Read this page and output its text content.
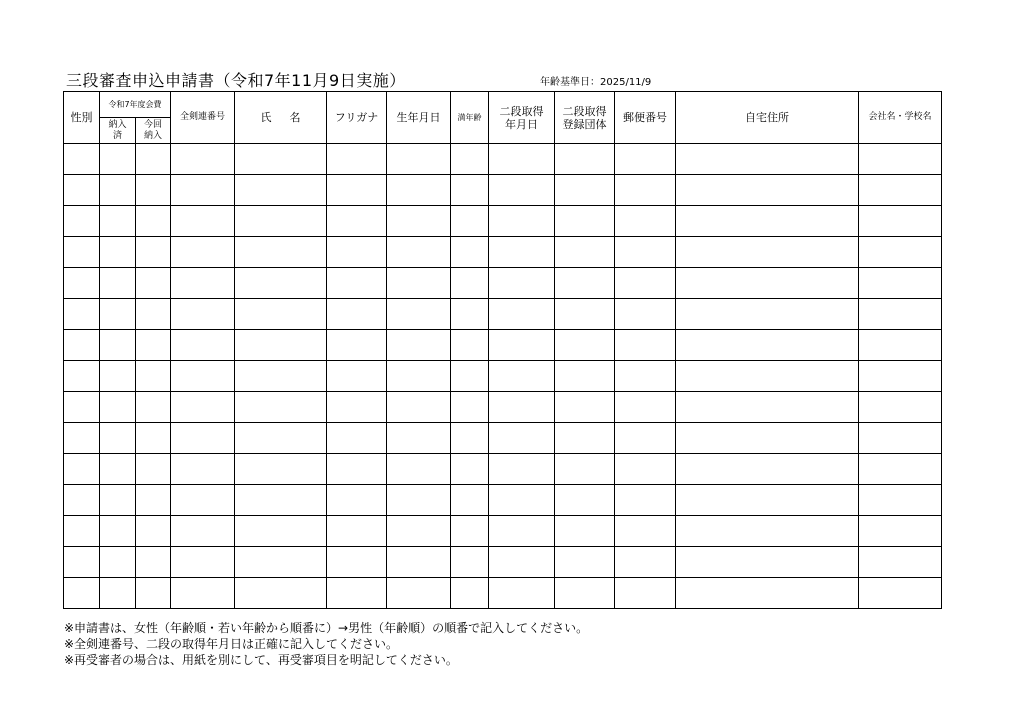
三段審査申込申請書（令和7年11月9日実施）	年齢基準日：2025/11/9
性別	令和7年度会費		全剣連番号	氏名	フリガナ	生年月日	満年齢	二段取得年月日	二段取得登録団体	郵便番号	自宅住所	会社名・学校名

	納入済	今回納入										

※申請書は、女性（年齢順・若い年齢から順番に）→男性（年齢順）の順番で記入してください。
※全剣連番号、二段の取得年月日は正確に記入してください。
※再受審者の場合は、用紙を別にして、再受審項目を明記してください。
